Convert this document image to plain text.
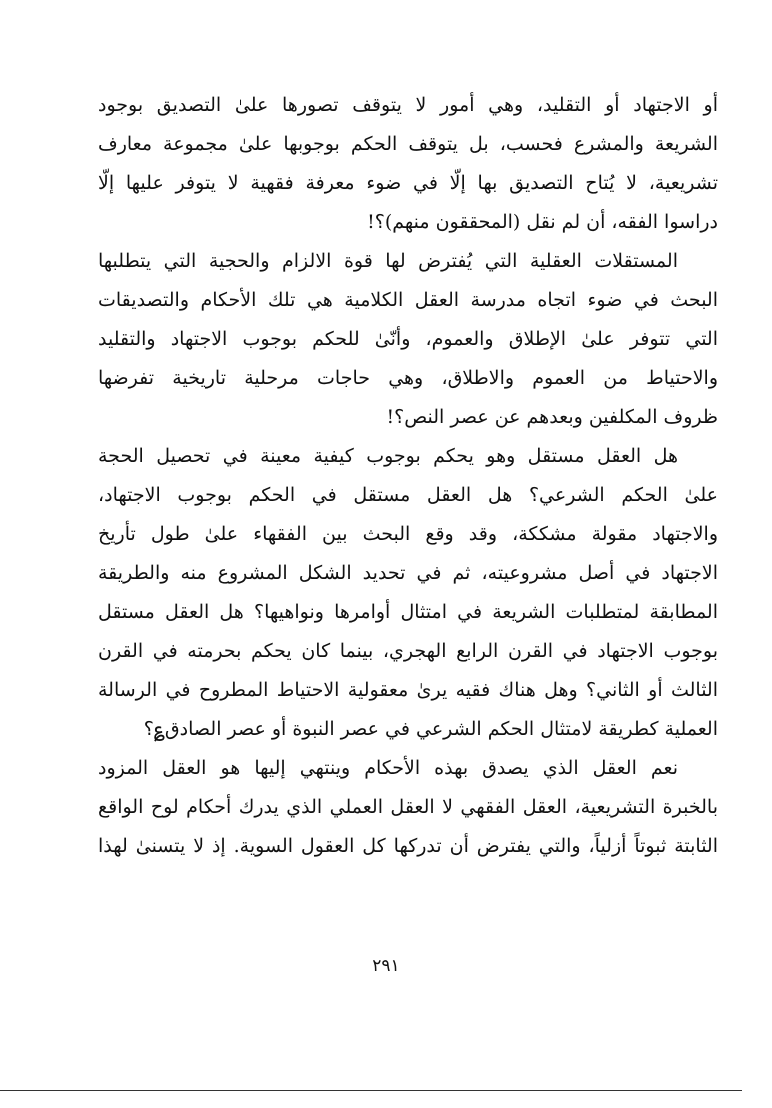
أو الاجتهاد أو التقليد، وهي أمور لا يتوقف تصورها علىٰ التصديق بوجود
الشريعة والمشرع فحسب، بل يتوقف الحكم بوجوبها علىٰ مجموعة معارف
تشريعية، لا يُتاح التصديق بها إلّا في ضوء معرفة فقهية لا يتوفر عليها إلّا
دراسوا الفقه، أن لم نقل (المحققون منهم)؟!
المستقلات العقلية التي يُفترض لها قوة الالزام والحجية التي يتطلبها
البحث في ضوء اتجاه مدرسة العقل الكلامية هي تلك الأحكام والتصديقات
التي تتوفر علىٰ الإطلاق والعموم، وأنّىٰ للحكم بوجوب الاجتهاد والتقليد
والاحتياط من العموم والاطلاق، وهي حاجات مرحلية تاريخية تفرضها
ظروف المكلفين وبعدهم عن عصر النص؟!
هل العقل مستقل وهو يحكم بوجوب كيفية معينة في تحصيل الحجة
علىٰ الحكم الشرعي؟ هل العقل مستقل في الحكم بوجوب الاجتهاد،
والاجتهاد مقولة مشككة، وقد وقع البحث بين الفقهاء علىٰ طول تأريخ
الاجتهاد في أصل مشروعيته، ثم في تحديد الشكل المشروع منه والطريقة
المطابقة لمتطلبات الشريعة في امتثال أوامرها ونواهيها؟ هل العقل مستقل
بوجوب الاجتهاد في القرن الرابع الهجري، بينما كان يحكم بحرمته في القرن
الثالث أو الثاني؟ وهل هناك فقيه يرىٰ معقولية الاحتياط المطروح في الرسالة
العملية كطريقة لامتثال الحكم الشرعي في عصر النبوة أو عصر الصادق؏؟
نعم العقل الذي يصدق بهذه الأحكام وينتهي إليها هو العقل المزود
بالخبرة التشريعية، العقل الفقهي لا العقل العملي الذي يدرك أحكام لوح الواقع
الثابتة ثبوتاً أزلياً، والتي يفترض أن تدركها كل العقول السوية. إذ لا يتسنىٰ لهذا
٢٩١
